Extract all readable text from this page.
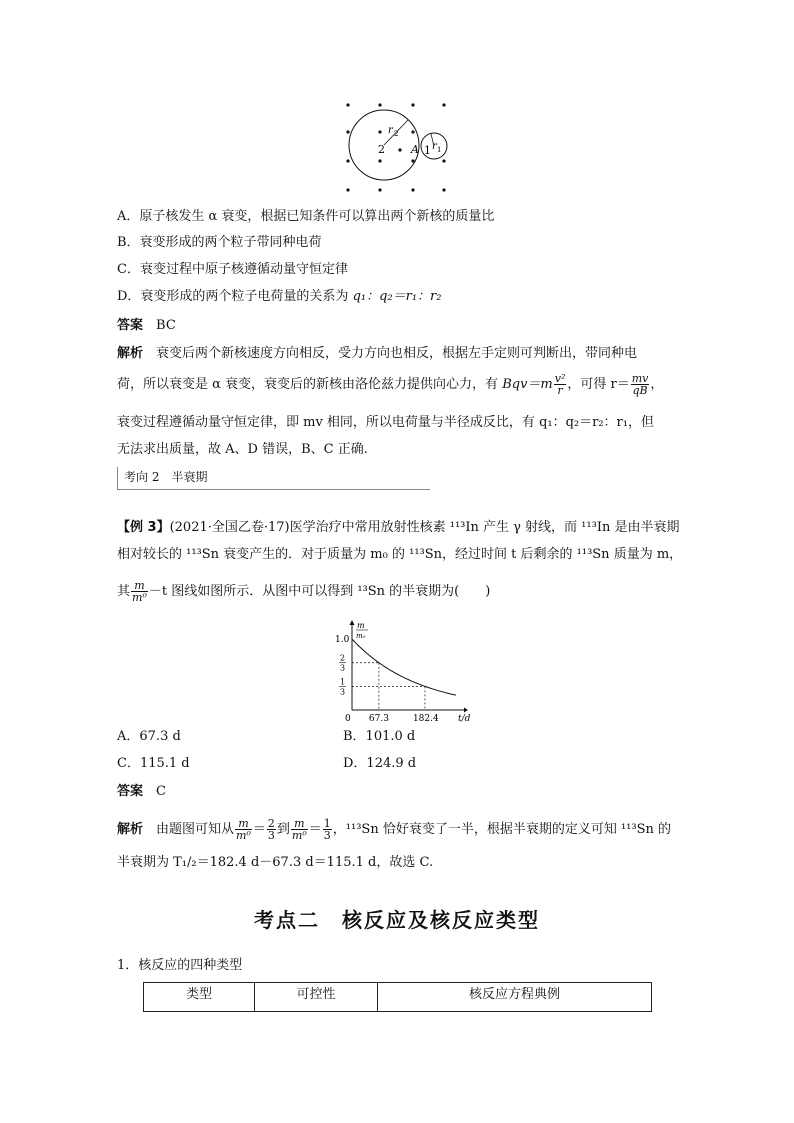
r 2
2 A 1 r 1
A．原子核发生 α 衰变，根据已知条件可以算出两个新核的质量比
B．衰变形成的两个粒子带同种电荷
C．衰变过程中原子核遵循动量守恒定律
D．衰变形成的两个粒子电荷量的关系为 q₁：q₂＝r₁：r₂
答案　 BC
解析　 衰变后两个新核速度方向相反，受力方向也相反，根据左手定则可判断出，带同种电
荷，所以衰变是 α 衰变，衰变后的新核由洛伦兹力提供向心力，有 $Bqv=m \frac{\text{v²}}{r}$ ，可得 $r= \frac{mv}{qB}$ ，
衰变过程遵循动量守恒定律，即 mv 相同，所以电荷量与半径成反比，有 q₁：q₂＝r₂：r₁，但
无法求出质量，故 A、D 错误，B、C 正确.
考向 2　半衰期
【例 3】(2021·全国乙卷·17)医学治疗中常用放射性核素 ¹¹³In 产生 γ 射线，而 ¹¹³In 是由半衰期
相对较长的 ¹¹³Sn 衰变产生的．对于质量为 m₀ 的 ¹¹³Sn，经过时间 t 后剩余的 ¹¹³Sn 质量为 m，
其 $\frac{m}{\text{m⁰}} -t$ 图线如图所示．从图中可以得到 ¹³Sn 的半衰期为(　　)
1.0
2
3
1
3
0 67.3	182.4 t/d
m
m₀
A．67.3 d	B．101.0 d
C．115.1 d	D．124.9 d
答案　 C
解析　 由题图可知从 $\frac{m}{\text{m⁰}} = \frac{2}{3}$ 到 $\frac{m}{\text{m⁰}} = \frac{1}{3}$ ，¹¹³Sn 恰好衰变了一半，根据半衰期的定义可知 ¹¹³Sn 的
半衰期为 T₁/₂＝182.4 d－67.3 d＝115.1 d，故选 C.
考点二　核反应及核反应类型
1．核反应的四种类型
类型	可控性	核反应方程典例
